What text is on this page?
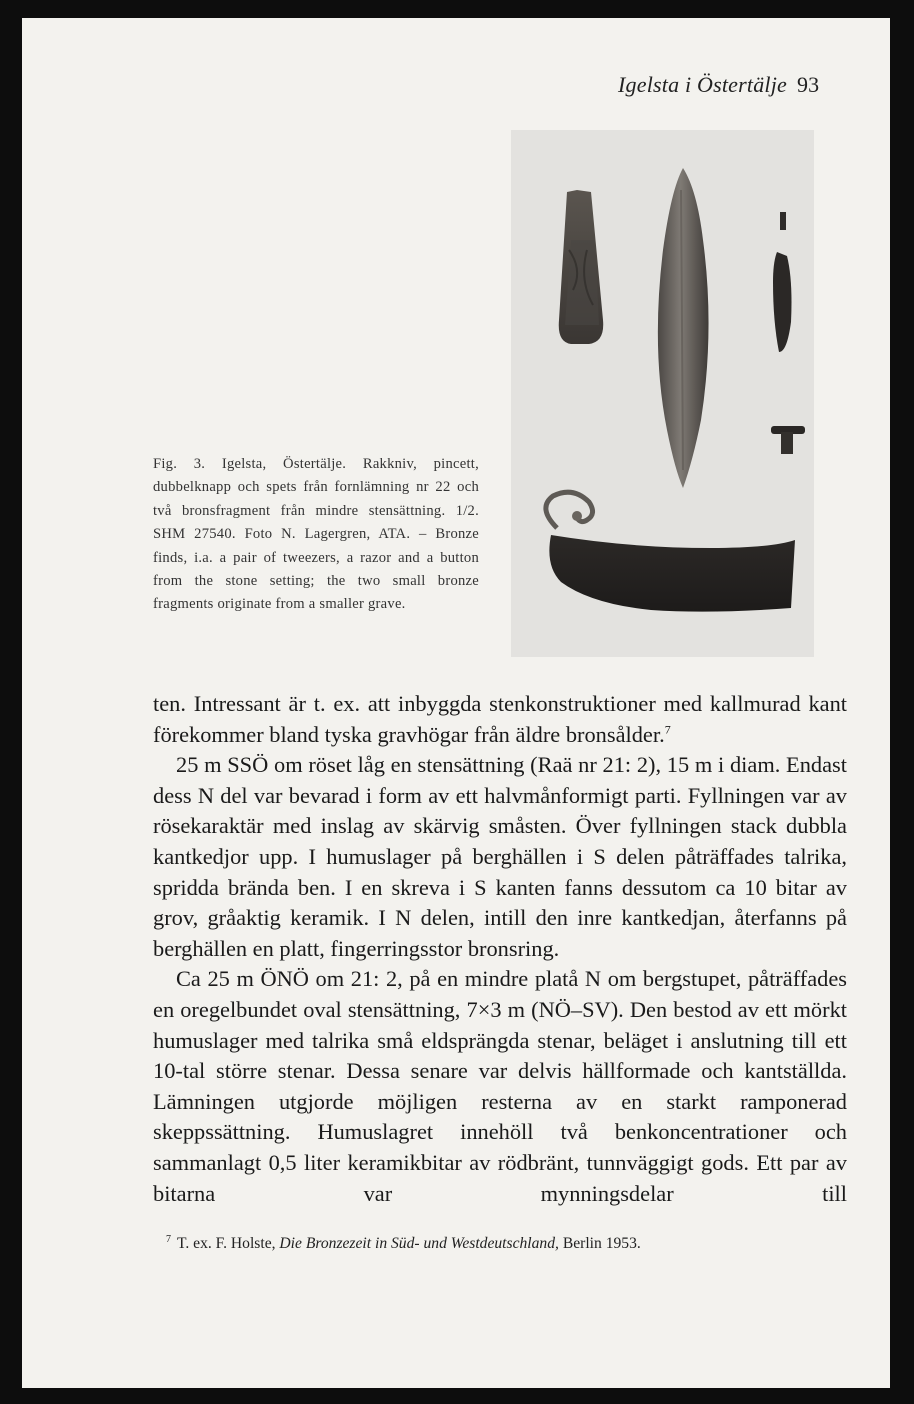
Igelsta i Östertälje 93

Fig. 3. Igelsta, Östertälje. Rakkniv, pincett, dubbelknapp och spets från fornlämning nr 22 och två bronsfragment från mindre stensättning. 1/2. SHM 27540. Foto N. Lagergren, ATA. – Bronze finds, i.a. a pair of tweezers, a razor and a button from the stone setting; the two small bronze fragments originate from a smaller grave.

ten. Intressant är t. ex. att inbyggda stenkonstruktioner med kallmurad kant förekommer bland tyska gravhögar från äldre bronsålder.$^7$

25 m SSÖ om röset låg en stensättning (Raä nr 21: 2), 15 m i diam. Endast dess N del var bevarad i form av ett halvmånformigt parti. Fyllningen var av rösekaraktär med inslag av skärvig småsten. Över fyllningen stack dubbla kantkedjor upp. I humuslager på berghällen i S delen påträffades talrika, spridda brända ben. I en skreva i S kanten fanns dessutom ca 10 bitar av grov, gråaktig keramik. I N delen, intill den inre kantkedjan, återfanns på berghällen en platt, fingerringsstor bronsring.

Ca 25 m ÖNÖ om 21: 2, på en mindre platå N om bergstupet, påträffades en oregelbundet oval stensättning, 7×3 m (NÖ–SV). Den bestod av ett mörkt humuslager med talrika små eldsprängda stenar, beläget i anslutning till ett 10-tal större stenar. Dessa senare var delvis hällformade och kantställda. Lämningen utgjorde möjligen resterna av en starkt ramponerad skeppssättning. Humuslagret innehöll två benkoncentrationer och sammanlagt 0,5 liter keramikbitar av rödbränt, tunnväggigt gods. Ett par av bitarna var mynningsdelar till

$^7$ T. ex. F. Holste, Die Bronzezeit in Süd- und Westdeutschland, Berlin 1953.
